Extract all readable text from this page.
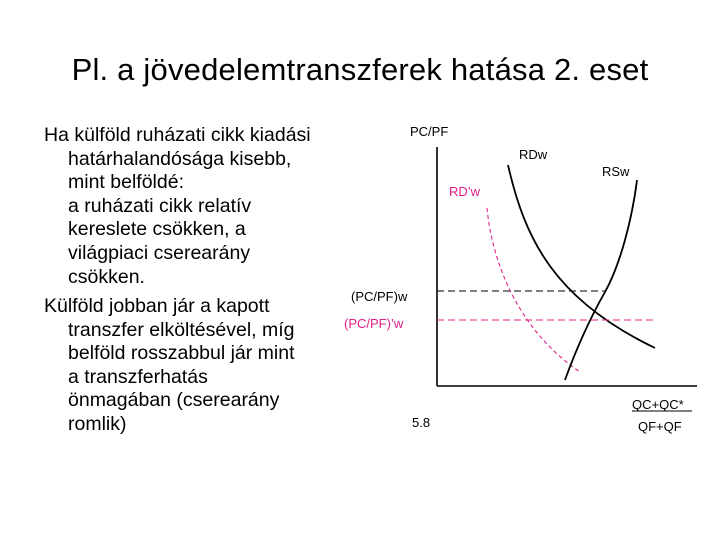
Pl. a jövedelemtranszferek hatása 2. eset
Ha külföld ruházati cikk kiadási
határhalandósága kisebb,
mint belföldé:
a ruházati cikk relatív
kereslete csökken, a
világpiaci cserearány
csökken.
Külföld jobban jár a kapott
transzfer elköltésével, míg
belföld rosszabbul jár mint
a transzferhatás
önmagában (cserearány
romlik)
PC/PF
RDw
RD’w
RSw
(PC/PF)w
(PC/PF)’w
5.8
QC+QC*
QF+QF
